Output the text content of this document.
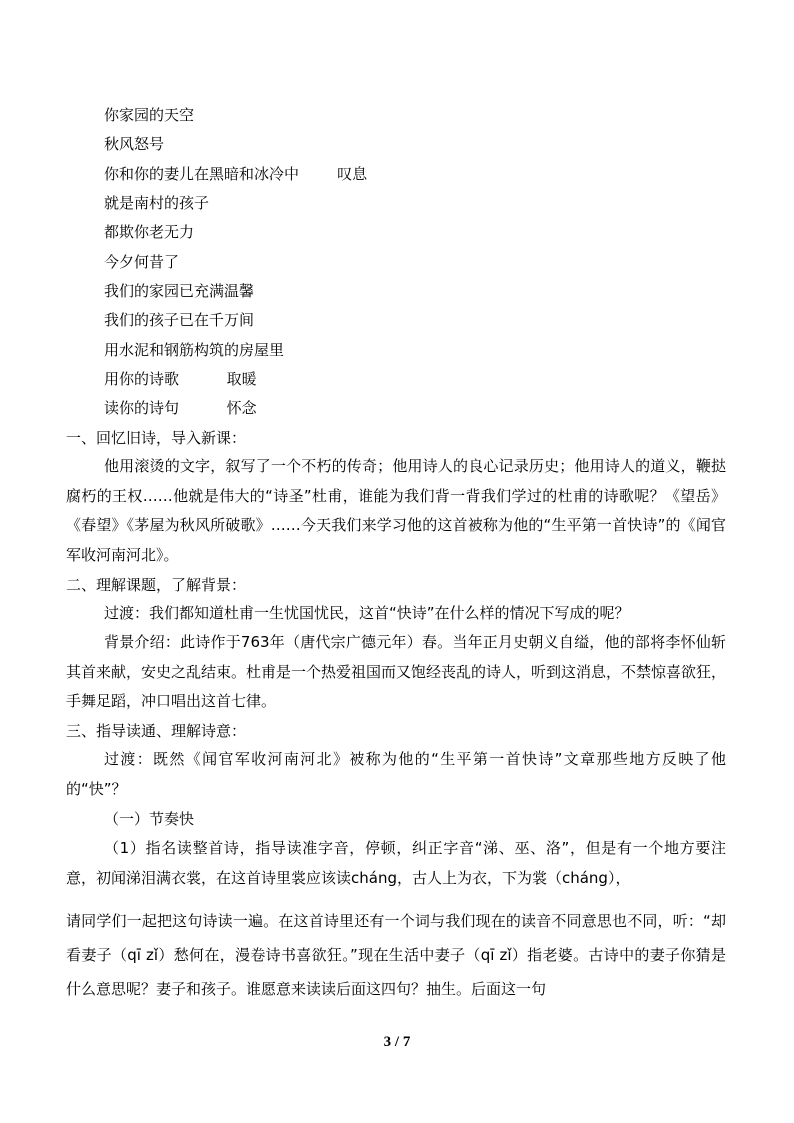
你家园的天空
秋风怒号
你和你的妻儿在黑暗和冰冷中        叹息
就是南村的孩子
都欺你老无力
今夕何昔了
我们的家园已充满温馨
我们的孩子已在千万间
用水泥和钢筋构筑的房屋里
用你的诗歌          取暖
读你的诗句          怀念
一、回忆旧诗，导入新课：

他用滚烫的文字，叙写了一个不朽的传奇；他用诗人的良心记录历史；他用诗人的道义，鞭挞腐朽的王权……他就是伟大的“诗圣”杜甫，谁能为我们背一背我们学过的杜甫的诗歌呢？《望岳》《春望》《茅屋为秋风所破歌》……今天我们来学习他的这首被称为他的“生平第一首快诗”的《闻官军收河南河北》。

二、理解课题，了解背景：

过渡：我们都知道杜甫一生忧国忧民，这首“快诗”在什么样的情况下写成的呢？

背景介绍：此诗作于763年（唐代宗广德元年）春。当年正月史朝义自缢，他的部将李怀仙斩其首来献，安史之乱结束。杜甫是一个热爱祖国而又饱经丧乱的诗人，听到这消息，不禁惊喜欲狂，手舞足蹈，冲口唱出这首七律。

三、指导读通、理解诗意：

过渡：既然《闻官军收河南河北》被称为他的“生平第一首快诗”文章那些地方反映了他的“快”？

（一）节奏快

（1）指名读整首诗，指导读准字音，停顿，纠正字音“涕、巫、洛”，但是有一个地方要注意，初闻涕泪满衣裳，在这首诗里裳应该读cháng，古人上为衣，下为裳（cháng），

请同学们一起把这句诗读一遍。在这首诗里还有一个词与我们现在的读音不同意思也不同，听：“却看妻子（qī zǐ）愁何在，漫卷诗书喜欲狂。”现在生活中妻子（qī zǐ）指老婆。古诗中的妻子你猜是什么意思呢？妻子和孩子。谁愿意来读读后面这四句？抽生。后面这一句

3 / 7
